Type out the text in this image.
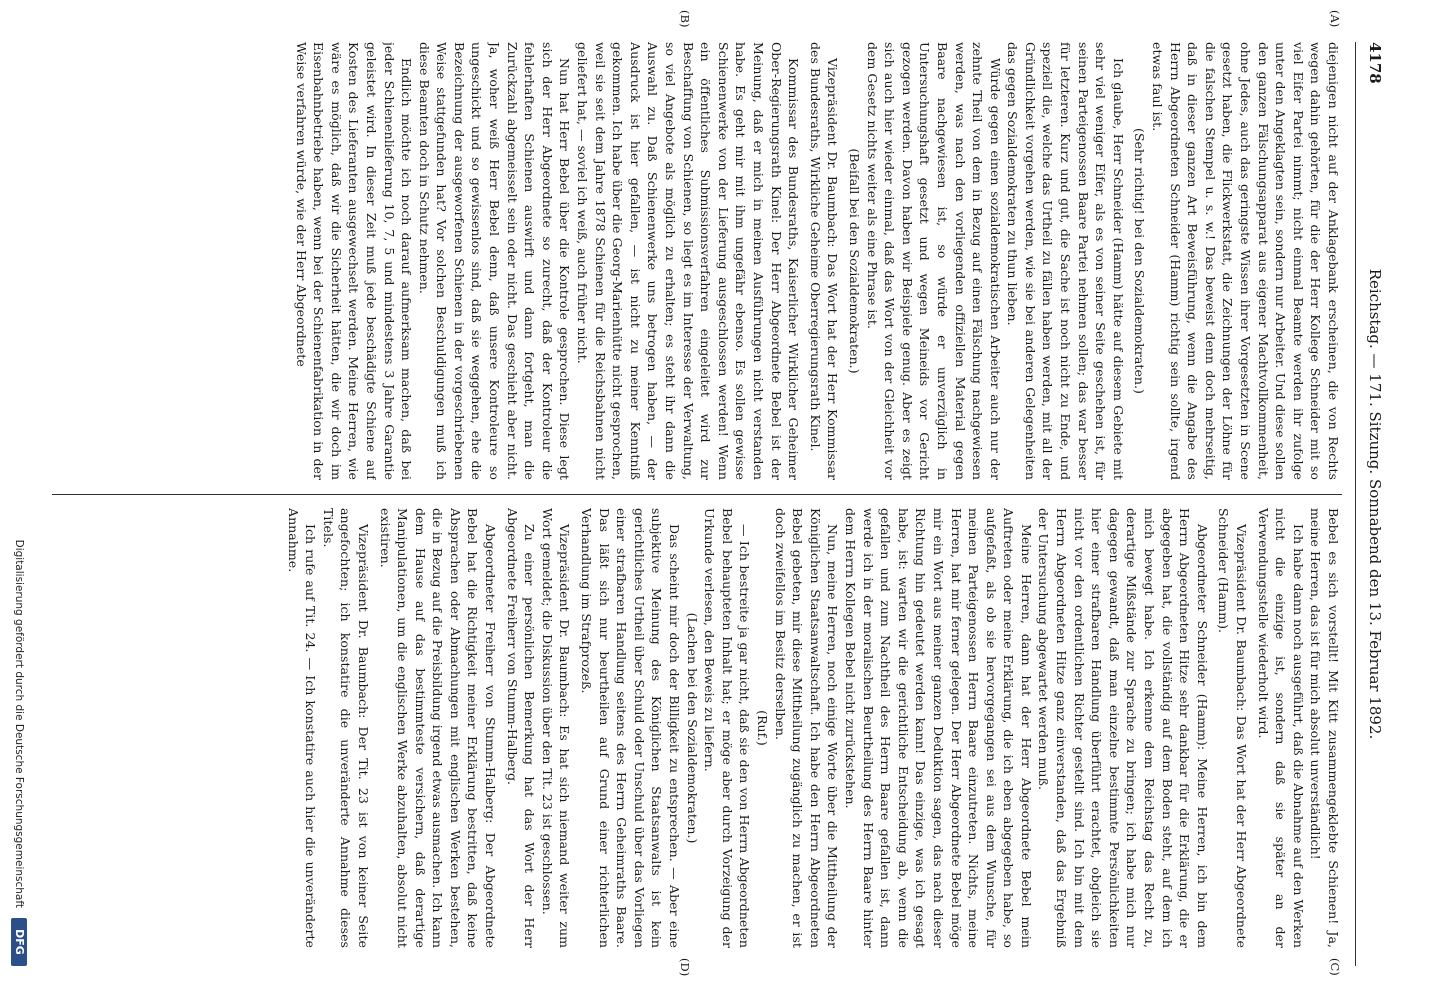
4178
Reichstag. — 171. Sitzung. Sonnabend den 13. Februar 1892.
(A)
(B)
(C)
(D)

diejenigen nicht auf der Anklagebank erscheinen, die von Rechts wegen dahin gehörten, für die der Herr Kollege Schneider mit so viel Eifer Partei nimmt; nicht einmal Beamte werden ihr zufolge unter den Angeklagten sein, sondern nur Arbeiter. Und diese sollen den ganzen Fälschungsapparat aus eigener Machtvollkommenheit, ohne Jedes, auch das geringste Wissen ihrer Vorgesetzten in Scene gesetzt haben, die Flickwerkstatt, die Zeichnungen der Löhne für die falschen Stempel u. s. w.! Das beweist denn doch mehrseitig, daß in dieser ganzen Art Beweisführung, wenn die Angabe des Herrn Abgeordneten Schneider (Hamm) richtig sein sollte, irgend etwas faul ist.

(Sehr richtig! bei den Sozialdemokraten.)

Ich glaube, Herr Schneider (Hamm) hätte auf diesem Gebiete mit sehr viel weniger Eifer, als es von seiner Seite geschehen ist, für seinen Parteigenossen Baare Partei nehmen sollen; das war besser für letzteren. Kurz und gut, die Sache ist noch nicht zu Ende, und speziell die, welche das Urtheil zu fällen haben werden, mit all der Gründlichkeit vorgehen werden, wie sie bei anderen Gelegenheiten das gegen Sozialdemokraten zu thun lieben.

Würde gegen einen sozialdemokratischen Arbeiter auch nur der zehnte Theil von dem in Bezug auf einen Fälschung nachgewiesen werden, was nach den vorliegenden offiziellen Material gegen Baare nachgewiesen ist, so würde er unverzüglich in Untersuchungshaft gesetzt und wegen Meineids vor Gericht gezogen werden. Davon haben wir Beispiele genug. Aber es zeigt sich auch hier wieder einmal, daß das Wort von der Gleichheit vor dem Gesetz nichts weiter als eine Phrase ist.

(Beifall bei den Sozialdemokraten.)

Vizepräsident Dr. Baumbach: Das Wort hat der Herr Kommissar des Bundesraths, Wirkliche Geheime Oberregierungsrath Kinel.

Kommissar des Bundesraths, Kaiserlicher Wirklicher Geheimer Ober-Regierungsrath Kinel: Der Herr Abgeordnete Bebel ist der Meinung, daß er mich in meinen Ausführungen nicht verstanden habe. Es geht mir mit ihm ungefähr ebenso. Es sollen gewisse Schienenwerke von der Lieferung ausgeschlossen werden! Wenn ein öffentliches Submissionsverfahren eingeleitet wird zur Beschaffung von Schienen, so liegt es im Interesse der Verwaltung, so viel Angebote als möglich zu erhalten; es steht ihr dann die Auswahl zu. Daß Schienenwerke uns betrogen haben, — der Ausdruck ist hier gefallen, — ist nicht zu meiner Kenntniß gekommen. Ich habe über die Georg-Marienhütte nicht gesprochen, weil sie seit dem Jahre 1878 Schienen für die Reichsbahnen nicht geliefert hat, — soviel ich weiß, auch früher nicht.

Nun hat Herr Bebel über die Kontrole gesprochen. Diese legt sich der Herr Abgeordnete so zurecht, daß der Kontroleur die fehlerhaften Schienen auswirft und dann fortgeht, man die Zurückzahl abgemeisselt sein oder nicht. Das geschieht aber nicht. Ja, woher weiß Herr Bebel denn, daß unsere Kontroleure so ungeschickt und so gewissenlos sind, daß sie weggehen, ehe die Bezeichnung der ausgeworfenen Schienen in der vorgeschriebenen Weise stattgefunden hat? Vor solchen Beschuldigungen muß ich diese Beamten doch in Schutz nehmen.

Endlich möchte ich noch darauf aufmerksam machen, daß bei jeder Schienenlieferung 10, 7, 5 und mindestens 3 Jahre Garantie geleistet wird. In dieser Zeit muß jede beschädigte Schiene auf Kosten des Lieferanten ausgewechselt werden. Meine Herren, wie wäre es möglich, daß wir die Sicherheit hätten, die wir doch im Eisenbahnbetriebe haben, wenn bei der Schienenfabrikation in der Weise verfahren würde, wie der Herr Abgeordnete

Bebel es sich vorstellt! Mit Kitt zusammengeklebte Schienen! Ja, meine Herren, das ist für mich absolut unverständlich!

Ich habe dann noch ausgeführt, daß die Abnahme auf den Werken nicht die einzige ist, sondern daß sie später an der Verwendungsstelle wiederholt wird.

Vizepräsident Dr. Baumbach: Das Wort hat der Herr Abgeordnete Schneider (Hamm).

Abgeordneter Schneider (Hamm): Meine Herren, ich bin dem Herrn Abgeordneten Hitze sehr dankbar für die Erklärung, die er abgegeben hat, die vollständig auf dem Boden steht, auf dem ich mich bewegt habe. Ich erkenne dem Reichstag das Recht zu, derartige Mißstände zur Sprache zu bringen; ich habe mich nur dagegen gewandt, daß man einzelne bestimmte Persönlichkeiten hier einer strafbaren Handlung überführt erachtet, obgleich sie nicht vor den ordentlichen Richter gestellt sind. Ich bin mit dem Herrn Abgeordneten Hitze ganz einverstanden, daß das Ergebniß der Untersuchung abgewartet werden muß.

Meine Herren, dann hat der Herr Abgeordnete Bebel mein Auftreten oder meine Erklärung, die ich eben abgegeben habe, so aufgefaßt, als ob sie hervorgegangen sei aus dem Wunsche, für meinen Parteigenossen Herrn Baare einzutreten. Nichts, meine Herren, hat mir ferner gelegen. Der Herr Abgeordnete Bebel möge mir ein Wort aus meiner ganzen Deduktion sagen, das nach dieser Richtung hin gedeutet werden kann! Das einzige, was ich gesagt habe, ist: warten wir die gerichtliche Entscheidung ab, wenn die gefallen und zum Nachtheil des Herrn Baare gefallen ist, dann werde ich in der moralischen Beurtheilung des Herrn Baare hinter dem Herrn Kollegen Bebel nicht zurückstehen.

Nun, meine Herren, noch einige Worte über die Mittheilung der Königlichen Staatsanwaltschaft. Ich habe den Herrn Abgeordneten Bebel gebeten, mir diese Mittheilung zugänglich zu machen, er ist doch zweifellos im Besitz derselben.

(Ruf.)

— Ich bestreite ja gar nicht, daß sie den von Herrn Abgeordneten Bebel behaupteten Inhalt hat; er möge aber durch Vorzeigung der Urkunde verlesen, den Beweis zu liefern.

(Lachen bei den Sozialdemokraten.)

Das scheint mir doch der Billigkeit zu entsprechen. — Aber eine subjektive Meinung des Königlichen Staatsanwalts ist kein gerichtliches Urtheil über Schuld oder Unschuld über das Vorliegen einer strafbaren Handlung seitens des Herrn Geheimraths Baare. Das läßt sich nur beurtheilen auf Grund einer richterlichen Verhandlung im Strafprozeß.

Vizepräsident Dr. Baumbach: Es hat sich niemand weiter zum Wort gemeldet; die Diskussion über den Tit. 23 ist geschlossen.

Zu einer persönlichen Bemerkung hat das Wort der Herr Abgeordnete Freiherr von Stumm-Halberg.

Abgeordneter Freiherr von Stumm-Halberg: Der Abgeordnete Bebel hat die Richtigkeit meiner Erklärung bestritten, daß keine Absprachen oder Abmachungen mit englischen Werken bestehen, die in Bezug auf die Preisbildung irgend etwas ausmachen. Ich kann dem Hause auf das bestimmteste versichern, daß derartige Manipulationen, um die englischen Werke abzuhalten, absolut nicht existiren.

Vizepräsident Dr. Baumbach: Der Tit. 23 ist von keiner Seite angefochten; ich konstatire die unveränderte Annahme dieses Titels.

Ich rufe auf Tit. 24. — Ich konstatire auch hier die unveränderte Annahme.

Digitalisierung gefördert durch die Deutsche Forschungsgemeinschaft
DFG
